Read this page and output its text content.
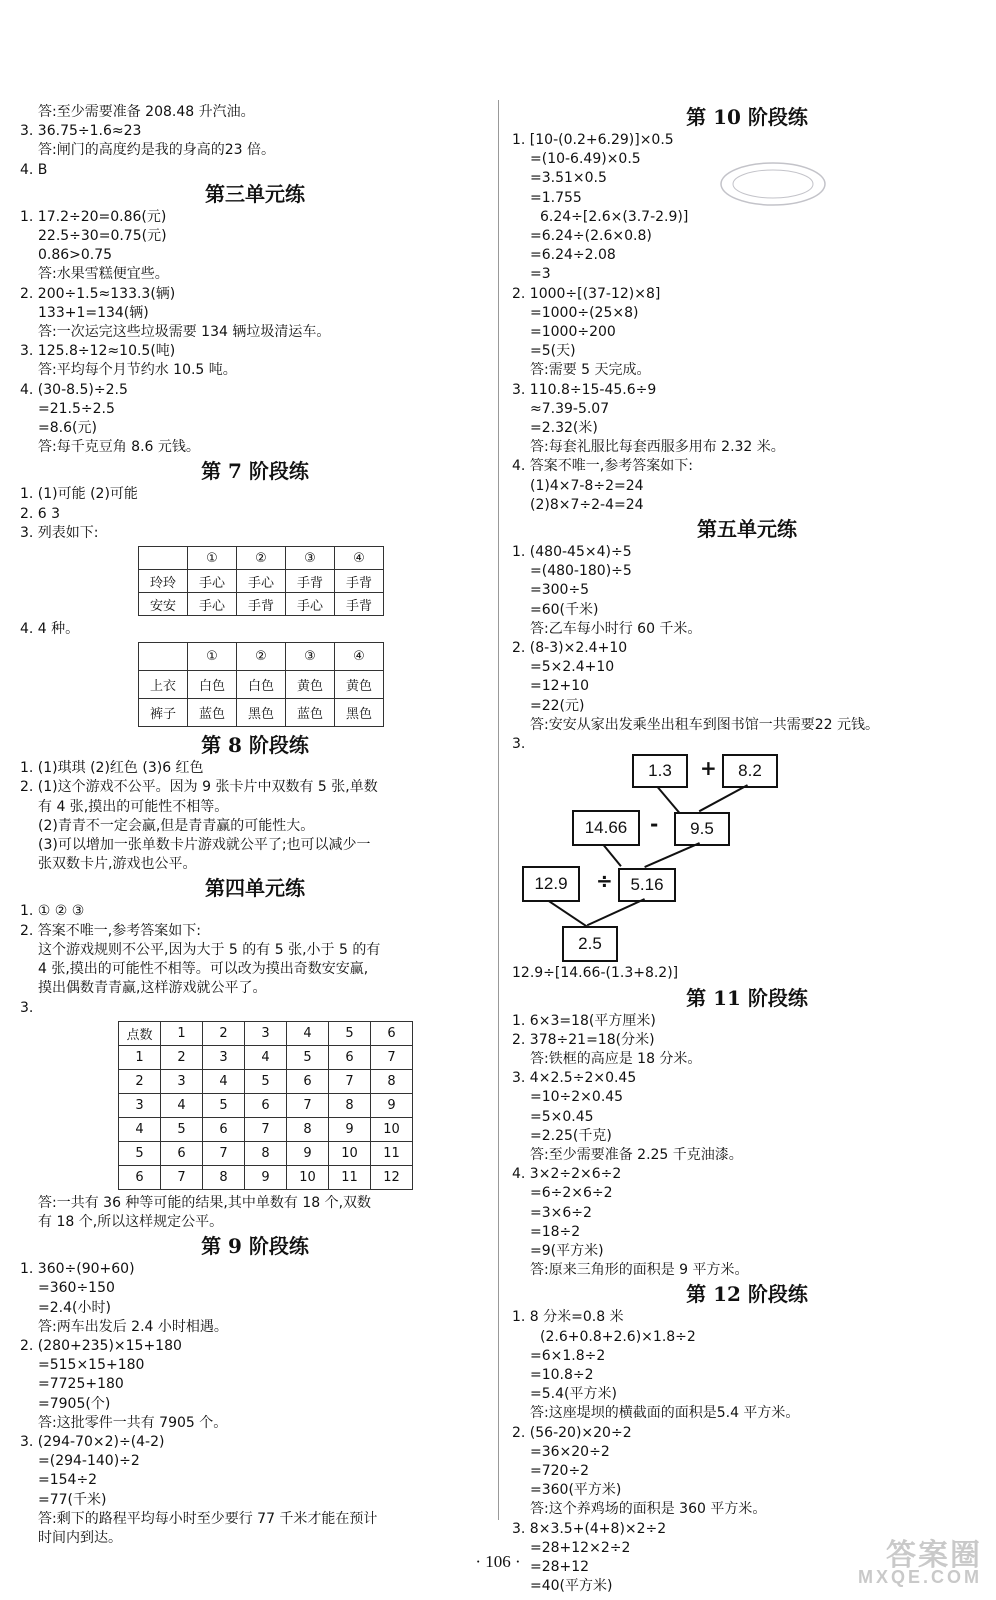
答:至少需要准备 208.48 升汽油。
3. 36.75÷1.6≈23
答:闸门的高度约是我的身高的23 倍。
4. B
第三单元练
1. 17.2÷20=0.86(元)
22.5÷30=0.75(元)
0.86>0.75
答:水果雪糕便宜些。
2. 200÷1.5≈133.3(辆)
133+1=134(辆)
答:一次运完这些垃圾需要 134 辆垃圾清运车。
3. 125.8÷12≈10.5(吨)
答:平均每个月节约水 10.5 吨。
4. (30-8.5)÷2.5
=21.5÷2.5
=8.6(元)
答:每千克豆角 8.6 元钱。
第 7 阶段练
1. (1)可能 (2)可能
2. 6 3
3. 列表如下:
	①	②	③	④
玲玲	手心	手心	手背	手背
安安	手心	手背	手心	手背
4. 4 种。
	①	②	③	④
上衣	白色	白色	黄色	黄色
裤子	蓝色	黑色	蓝色	黑色
第 8 阶段练
1. (1)琪琪 (2)红色 (3)6 红色
2. (1)这个游戏不公平。因为 9 张卡片中双数有 5 张,单数
有 4 张,摸出的可能性不相等。
(2)青青不一定会赢,但是青青赢的可能性大。
(3)可以增加一张单数卡片游戏就公平了;也可以减少一
张双数卡片,游戏也公平。
第四单元练
1. ① ② ③
2. 答案不唯一,参考答案如下:
这个游戏规则不公平,因为大于 5 的有 5 张,小于 5 的有
4 张,摸出的可能性不相等。可以改为摸出奇数安安赢,
摸出偶数青青赢,这样游戏就公平了。
3.
点数	1	2	3	4	5	6
1	2	3	4	5	6	7
2	3	4	5	6	7	8
3	4	5	6	7	8	9
4	5	6	7	8	9	10
5	6	7	8	9	10	11
6	7	8	9	10	11	12
答:一共有 36 种等可能的结果,其中单数有 18 个,双数
有 18 个,所以这样规定公平。
第 9 阶段练
1. 360÷(90+60)
=360÷150
=2.4(小时)
答:两车出发后 2.4 小时相遇。
2. (280+235)×15+180
=515×15+180
=7725+180
=7905(个)
答:这批零件一共有 7905 个。
3. (294-70×2)÷(4-2)
=(294-140)÷2
=154÷2
=77(千米)
答:剩下的路程平均每小时至少要行 77 千米才能在预计
时间内到达。
第 10 阶段练
1. [10-(0.2+6.29)]×0.5
=(10-6.49)×0.5
=3.51×0.5
=1.755
6.24÷[2.6×(3.7-2.9)]
=6.24÷(2.6×0.8)
=6.24÷2.08
=3
2. 1000÷[(37-12)×8]
=1000÷(25×8)
=1000÷200
=5(天)
答:需要 5 天完成。
3. 110.8÷15-45.6÷9
≈7.39-5.07
=2.32(米)
答:每套礼服比每套西服多用布 2.32 米。
4. 答案不唯一,参考答案如下:
(1)4×7-8÷2=24
(2)8×7÷2-4=24
第五单元练
1. (480-45×4)÷5
=(480-180)÷5
=300÷5
=60(千米)
答:乙车每小时行 60 千米。
2. (8-3)×2.4+10
=5×2.4+10
=12+10
=22(元)
答:安安从家出发乘坐出租车到图书馆一共需要22 元钱。
3.
1.3	+	8.2
14.66	-	9.5
12.9	÷	5.16
2.5
12.9÷[14.66-(1.3+8.2)]
第 11 阶段练
1. 6×3=18(平方厘米)
2. 378÷21=18(分米)
答:铁框的高应是 18 分米。
3. 4×2.5÷2×0.45
=10÷2×0.45
=5×0.45
=2.25(千克)
答:至少需要准备 2.25 千克油漆。
4. 3×2÷2×6÷2
=6÷2×6÷2
=3×6÷2
=18÷2
=9(平方米)
答:原来三角形的面积是 9 平方米。
第 12 阶段练
1. 8 分米=0.8 米
(2.6+0.8+2.6)×1.8÷2
=6×1.8÷2
=10.8÷2
=5.4(平方米)
答:这座堤坝的横截面的面积是5.4 平方米。
2. (56-20)×20÷2
=36×20÷2
=720÷2
=360(平方米)
答:这个养鸡场的面积是 360 平方米。
3. 8×3.5+(4+8)×2÷2
=28+12×2÷2
=28+12
=40(平方米)
· 106 ·	答案圈
MXQE.COM
